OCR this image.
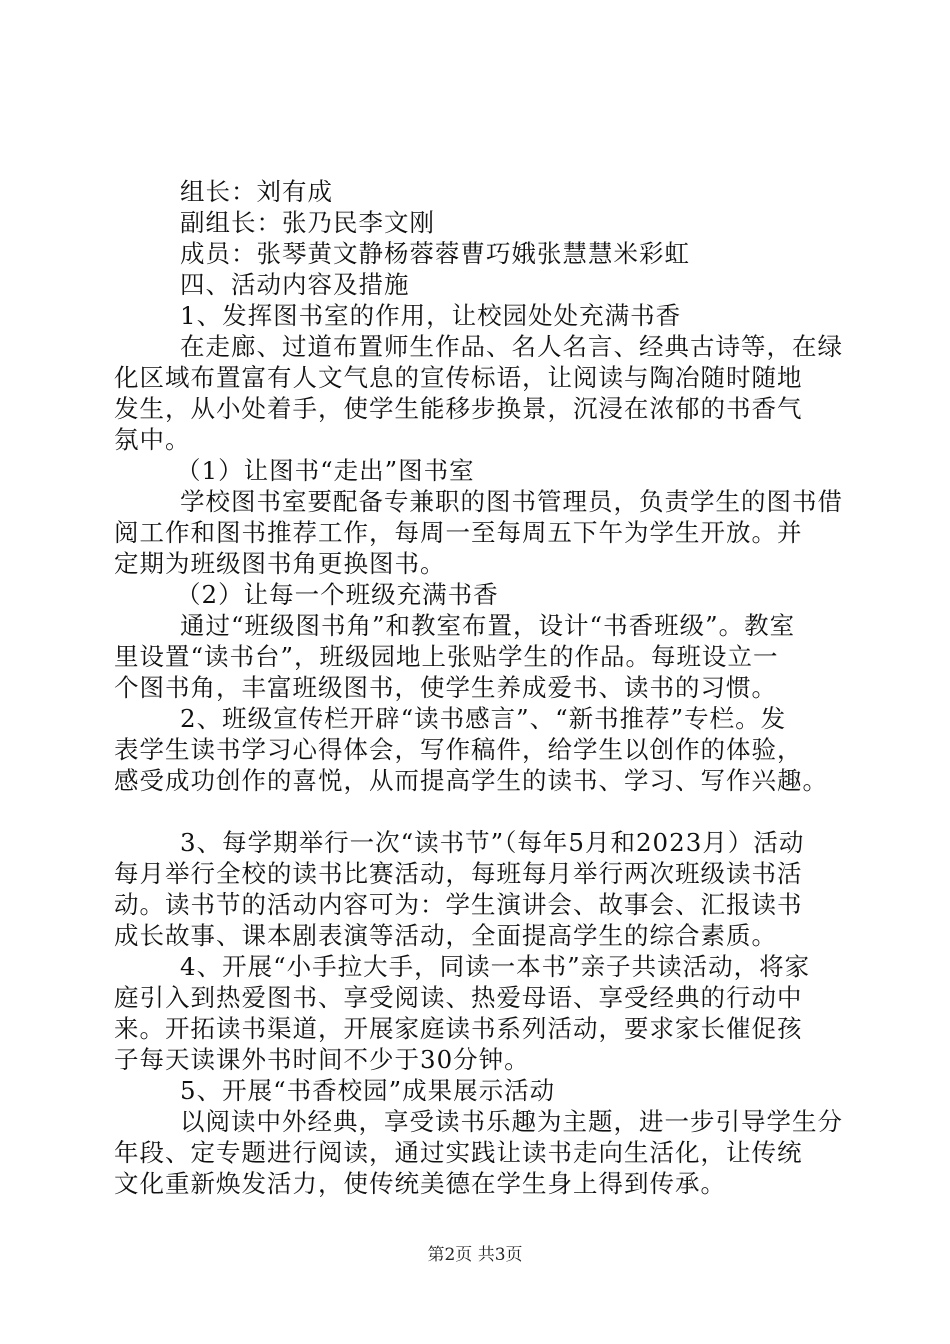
组长：刘有成
副组长：张乃民李文刚
成员：张琴黄文静杨蓉蓉曹巧娥张慧慧米彩虹
四、活动内容及措施
1、发挥图书室的作用，让校园处处充满书香
在走廊、过道布置师生作品、名人名言、经典古诗等，在绿
化区域布置富有人文气息的宣传标语，让阅读与陶冶随时随地
发生，从小处着手，使学生能移步换景，沉浸在浓郁的书香气
氛中。
（1）让图书“走出”图书室
学校图书室要配备专兼职的图书管理员，负责学生的图书借
阅工作和图书推荐工作，每周一至每周五下午为学生开放。并
定期为班级图书角更换图书。
（2）让每一个班级充满书香
通过“班级图书角”和教室布置，设计“书香班级”。教室
里设置“读书台”，班级园地上张贴学生的作品。每班设立一
个图书角，丰富班级图书，使学生养成爱书、读书的习惯。
2、班级宣传栏开辟“读书感言”、“新书推荐”专栏。发
表学生读书学习心得体会，写作稿件，给学生以创作的体验，
感受成功创作的喜悦，从而提高学生的读书、学习、写作兴趣。
3、每学期举行一次“读书节”（每年5月和2023月）活动
每月举行全校的读书比赛活动，每班每月举行两次班级读书活
动。读书节的活动内容可为：学生演讲会、故事会、汇报读书
成长故事、课本剧表演等活动，全面提高学生的综合素质。
4、开展“小手拉大手，同读一本书”亲子共读活动，将家
庭引入到热爱图书、享受阅读、热爱母语、享受经典的行动中
来。开拓读书渠道，开展家庭读书系列活动，要求家长催促孩
子每天读课外书时间不少于30分钟。
5、开展“书香校园”成果展示活动
以阅读中外经典，享受读书乐趣为主题，进一步引导学生分
年段、定专题进行阅读，通过实践让读书走向生活化，让传统
文化重新焕发活力，使传统美德在学生身上得到传承。
第2页 共3页
